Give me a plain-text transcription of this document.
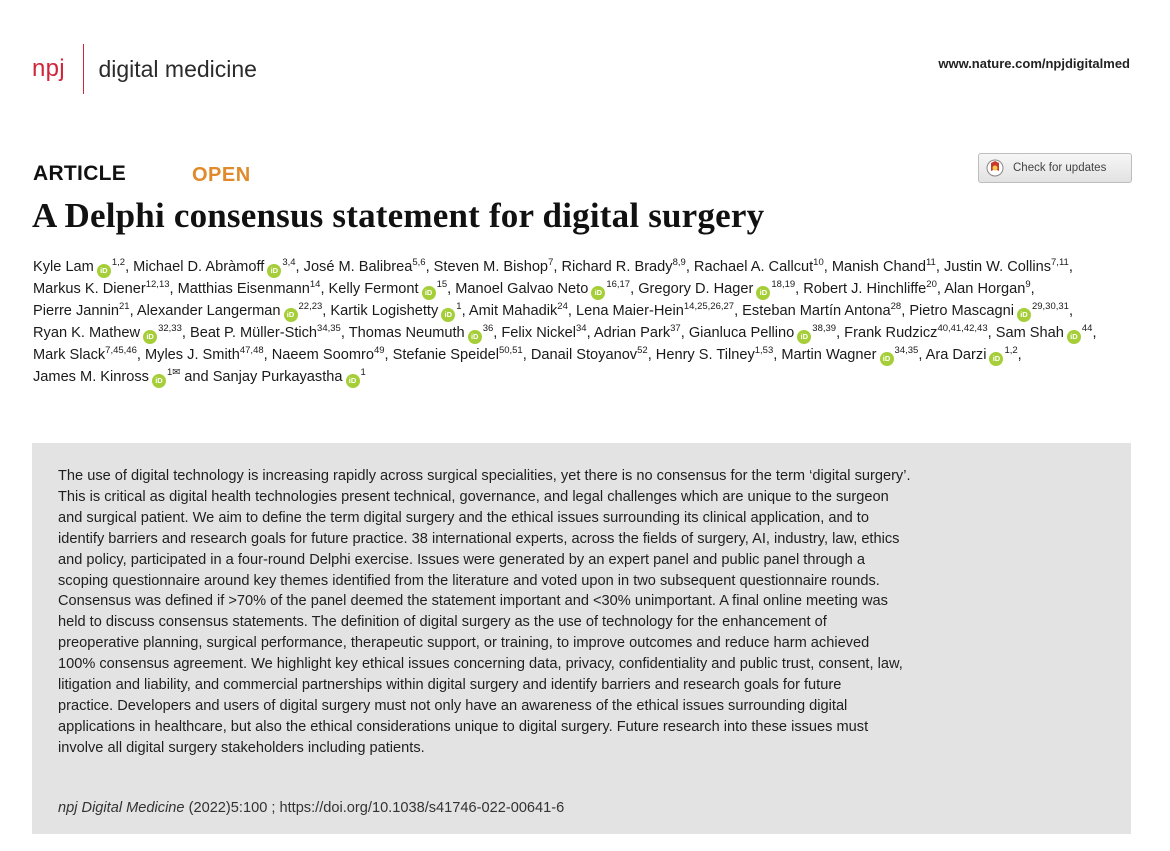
npj digital medicine	www.nature.com/npjdigitalmed
ARTICLE	OPEN	Check for updates
A Delphi consensus statement for digital surgery
Kyle Lam iD$^{1,2}$, Michael D. Abràmoff iD$^{3,4}$, José M. Balibrea$^{5,6}$, Steven M. Bishop$^7$, Richard R. Brady$^{8,9}$, Rachael A. Callcut$^{10}$, Manish Chand$^{11}$, Justin W. Collins$^{7,11}$, Markus K. Diener$^{12,13}$, Matthias Eisenmann$^{14}$, Kelly Fermont $iD^{15}$, Manoel Galvao Neto iD$^{16,17}$, Gregory D. Hager iD$^{18,19}$, Robert J. Hinchliffe$^{20}$, Alan Horgan$^9$, Pierre Jannin$^{21}$, Alexander Langerman iD$^{22,23}$, Kartik Logishetty $iD^1$, Amit Mahadik$^{24}$, Lena Maier-Hein$^{14,25,26,27}$, Esteban Martín Antona$^{28}$, Pietro Mascagni iD$^{29,30,31}$, Ryan K. Mathew iD$^{32,33}$, Beat P. Müller-Stich$^{34,35}$, Thomas Neumuth $iD^{36}$, Felix Nickel$^{34}$, Adrian Park$^{37}$, Gianluca Pellino iD$^{38,39}$, Frank Rudzicz$^{40,41,42,43}$, Sam Shah $iD^{44}$, Mark Slack$^{7,45,46}$, Myles J. Smith$^{47,48}$, Naeem Soomro$^{49}$, Stefanie Speidel$^{50,51}$, Danail Stoyanov$^{52}$, Henry S. Tilney$^{1,53}$, Martin Wagner iD$^{34,35}$, Ara Darzi iD$^{1,2}$, James M. Kinross $iD^{1✉}$ and Sanjay Purkayastha $iD^1$
The use of digital technology is increasing rapidly across surgical specialities, yet there is no consensus for the term ‘digital surgery’.
This is critical as digital health technologies present technical, governance, and legal challenges which are unique to the surgeon
and surgical patient. We aim to define the term digital surgery and the ethical issues surrounding its clinical application, and to
identify barriers and research goals for future practice. 38 international experts, across the fields of surgery, AI, industry, law, ethics
and policy, participated in a four-round Delphi exercise. Issues were generated by an expert panel and public panel through a
scoping questionnaire around key themes identified from the literature and voted upon in two subsequent questionnaire rounds.
Consensus was defined if >70% of the panel deemed the statement important and <30% unimportant. A final online meeting was
held to discuss consensus statements. The definition of digital surgery as the use of technology for the enhancement of
preoperative planning, surgical performance, therapeutic support, or training, to improve outcomes and reduce harm achieved
100% consensus agreement. We highlight key ethical issues concerning data, privacy, confidentiality and public trust, consent, law,
litigation and liability, and commercial partnerships within digital surgery and identify barriers and research goals for future
practice. Developers and users of digital surgery must not only have an awareness of the ethical issues surrounding digital
applications in healthcare, but also the ethical considerations unique to digital surgery. Future research into these issues must
involve all digital surgery stakeholders including patients.
npj Digital Medicine (2022)5:100 ; https://doi.org/10.1038/s41746-022-00641-6
